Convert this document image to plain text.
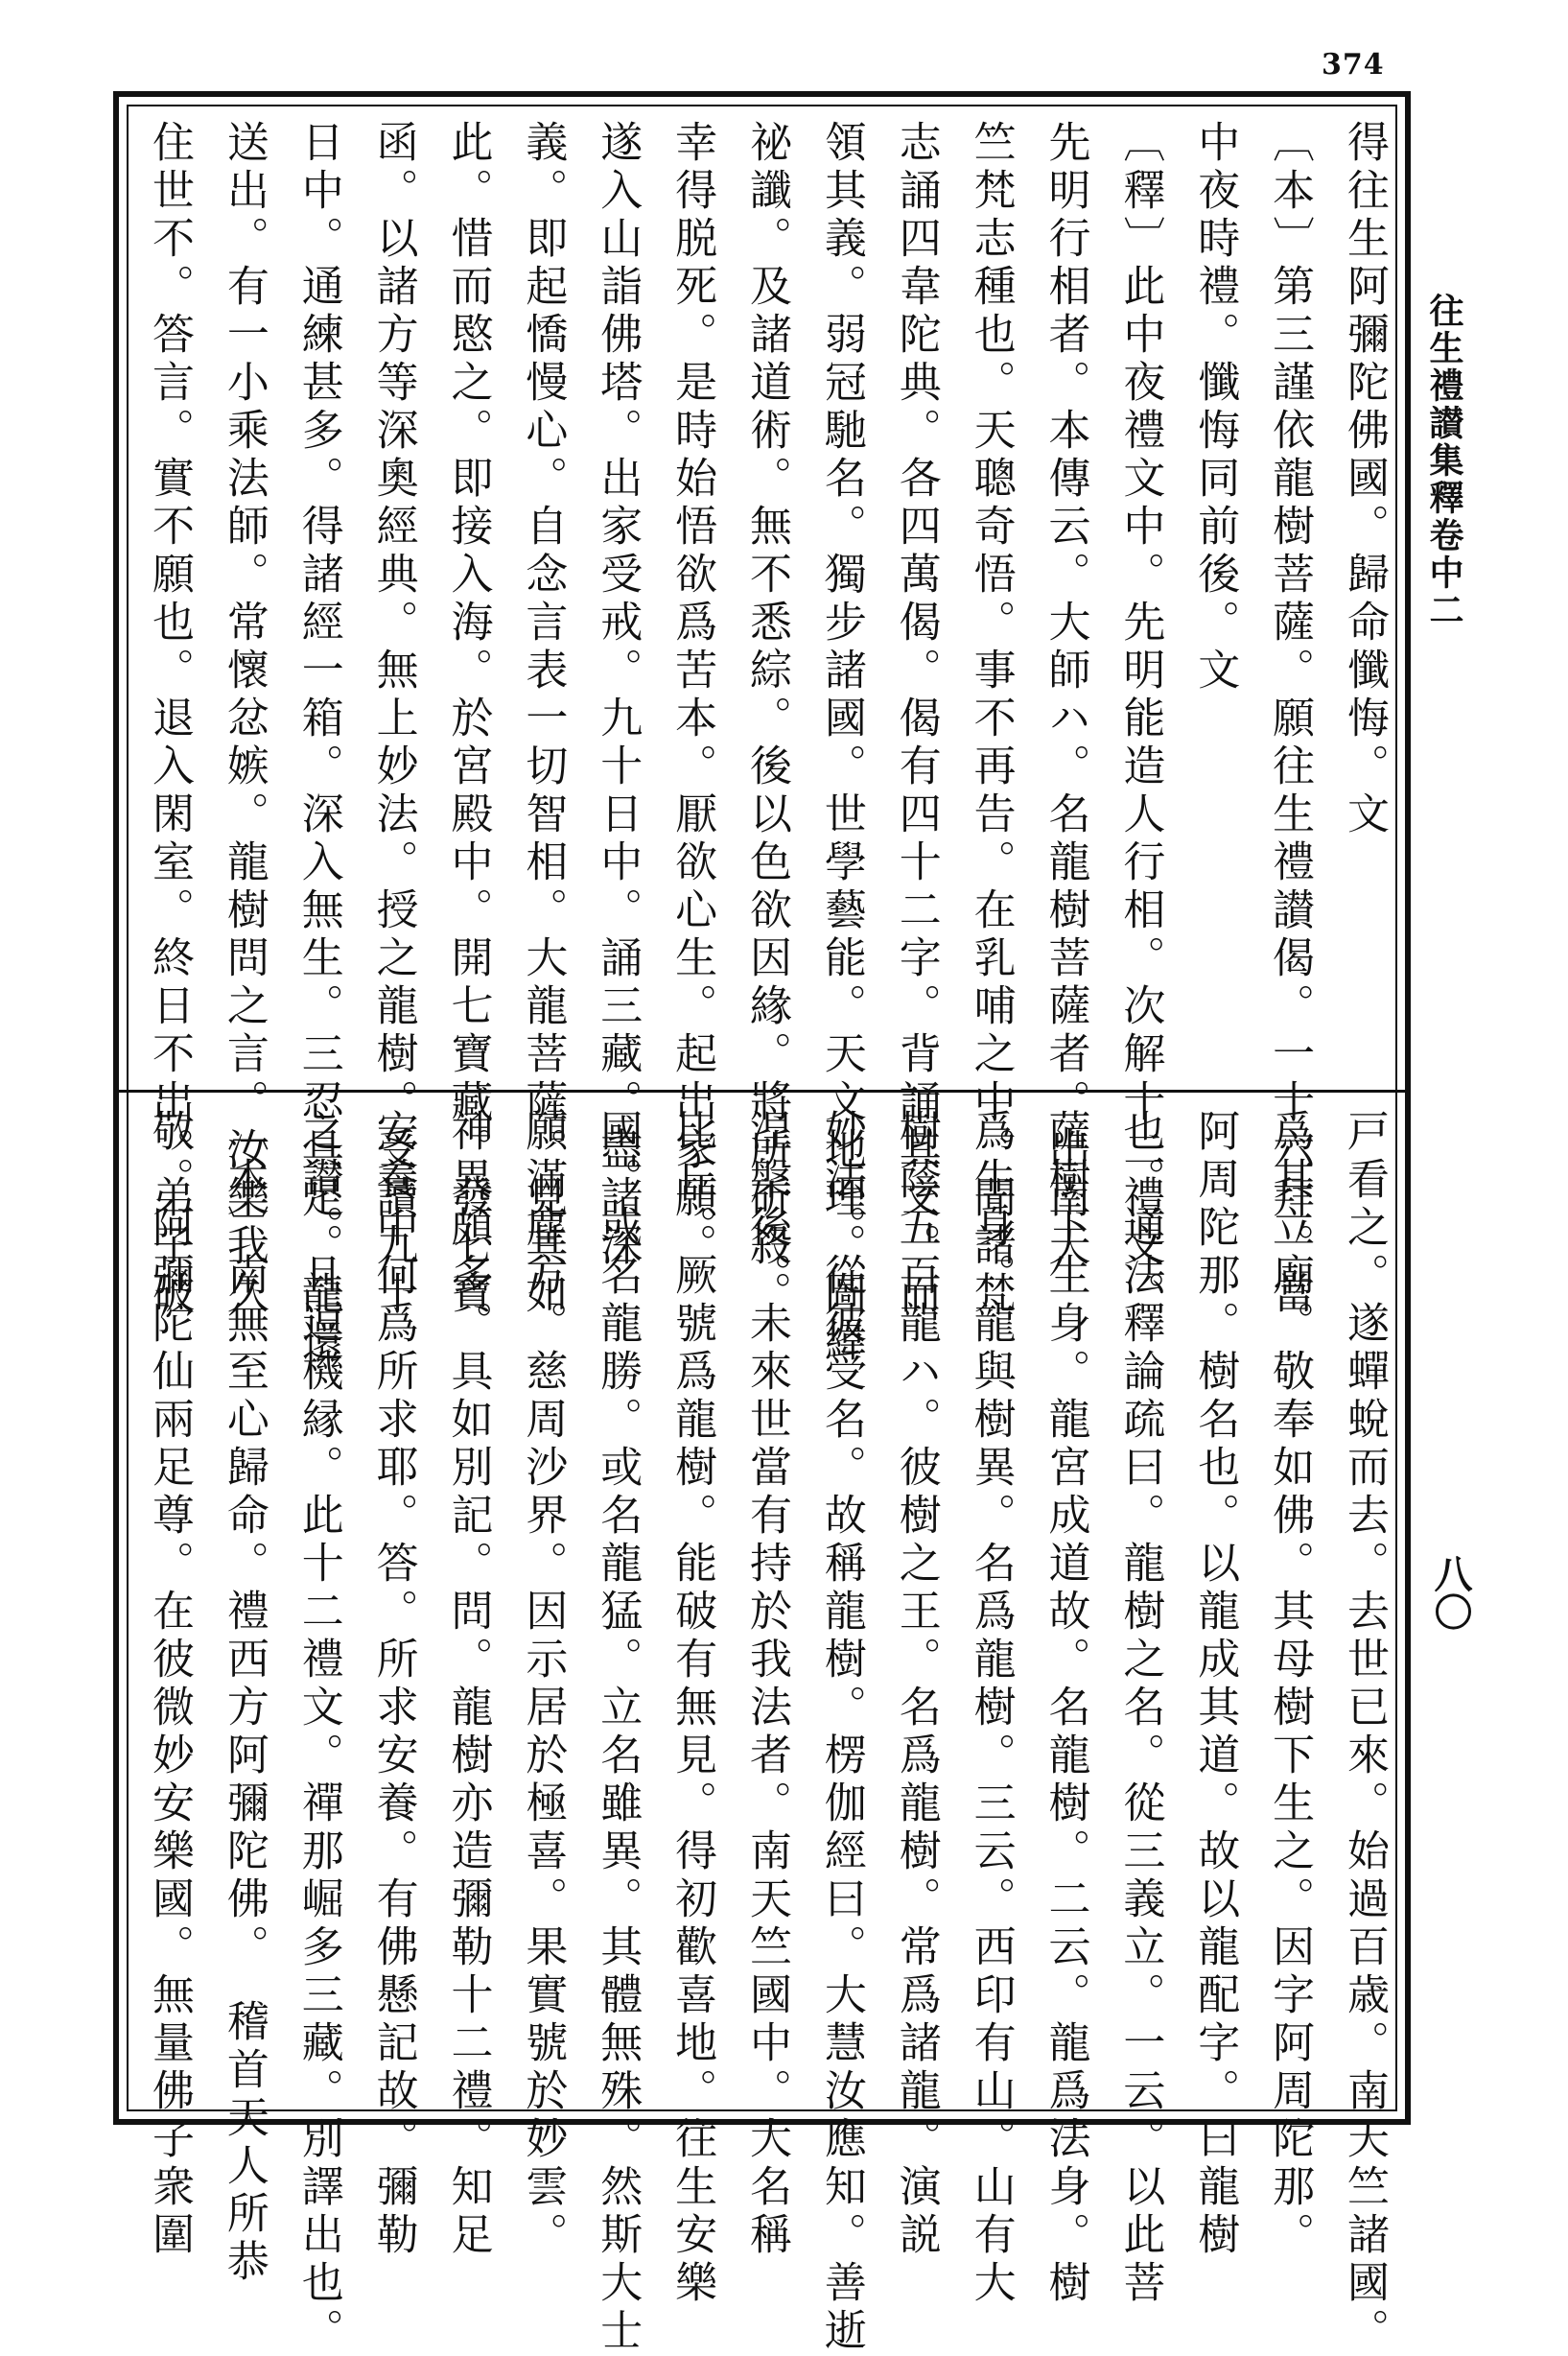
374
得往生阿彌陀佛國。歸命懺悔。文
〔本〕第三謹依龍樹菩薩。願往生禮讃偈。一十六拜。當
中夜時禮。懺悔同前後。文
〔釋〕此中夜禮文中。先明能造人行相。次解十二禮文。
先明行相者。本傳云。大師ハ。名龍樹菩薩者。出南天
竺梵志種也。天聰奇悟。事不再告。在乳哺之中。聞諸梵
志誦四韋陀典。各四萬偈。偈有四十二字。背誦其文。而
領其義。弱冠馳名。獨步諸國。世學藝能。天文地理。圖緯
祕讖。及諸道術。無不悉綜。後以色欲因緣。將所斫殺。
幸得脱死。是時始悟欲爲苦本。厭欲心生。起出家願。
遂入山詣佛塔。出家受戒。九十日中。誦三藏。盡諸深
義。即起憍慢心。自念言表一切智相。大龍菩薩。見其如
此。惜而愍之。即接入海。於宮殿中。開七寶藏。發七寶
函。以諸方等深奧經典。無上妙法。授之龍樹。受讀九十
日中。通練甚多。得諸經一箱。深入無生。三忍具足。龍還
送出。有一小乘法師。常懷忿嫉。龍樹問之言。汝樂我久
住世不。答言。實不願也。退入閑室。終日不出。弟子破
戸看之。遂蟬蛻而去。去世已來。始過百歳。南天竺諸國。
爲其立廟。敬奉如佛。其母樹下生之。因字阿周陀那。
阿周陀那。樹名也。以龍成其道。故以龍配字。曰龍樹
也。通法釋論疏曰。龍樹之名。從三義立。一云。以此菩
薩樹下生身。龍宮成道故。名龍樹。二云。龍爲法身。樹
爲生身。龍與樹異。名爲龍樹。三云。西印有山。山有大
樹蔭五百龍ハ。彼樹之王。名爲龍樹。常爲諸龍。演説
妙法。從彼受名。故稱龍樹。楞伽經曰。大慧汝應知。善逝
涅槃後。未來世當有持於我法者。南天竺國中。大名稱
比丘。厥號爲龍樹。能破有無見。得初歡喜地。往生安樂
國。或名龍勝。或名龍猛。立名雖異。其體無殊。然斯大士
願滿塵方。慈周沙界。因示居於極喜。果實號於妙雲。
神異頗多。具如別記。問。龍樹亦造彌勒十二禮。知足
安養中何爲所求耶。答。所求安養。有佛懸記故。彌勒
之讃。且逗機縁。此十二禮文。禪那崛多三藏。別譯出也。
〔本〕南無至心歸命。禮西方阿彌陀佛。　稽首天人所恭
敬。阿彌陀仙兩足尊。在彼微妙安樂國。無量佛子衆圍
往生禮讃集釋卷中二
八〇
